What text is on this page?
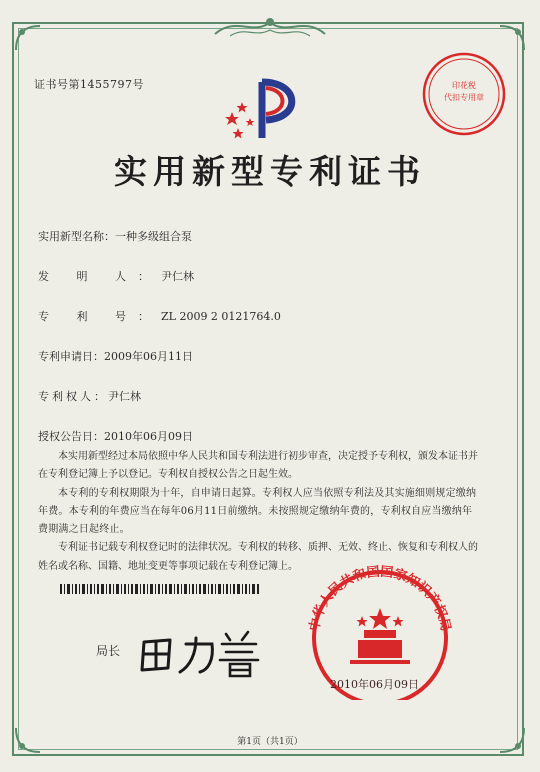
证书号第1455797号	印花税
代扣专用章
实用新型专利证书
实用新型名称：一种多级组合泵
发 明 人：尹仁林
专 利 号：ZL 2009 2 0121764.0
专利申请日：2009年06月11日
专利权人：尹仁林
授权公告日：2010年06月09日

本实用新型经过本局依照中华人民共和国专利法进行初步审查，决定授予专利权，颁发本证书并在专利登记簿上予以登记。专利权自授权公告之日起生效。

本专利的专利权期限为十年，自申请日起算。专利权人应当依照专利法及其实施细则规定缴纳年费。本专利的年费应当在每年06月11日前缴纳。未按照规定缴纳年费的，专利权自应当缴纳年费期满之日起终止。

专利证书记载专利权登记时的法律状况。专利权的转移、质押、无效、终止、恢复和专利权人的姓名或名称、国籍、地址变更等事项记载在专利登记簿上。

局长
中华人民共和国国家知识产权局
2010年06月09日
第1页（共1页）
